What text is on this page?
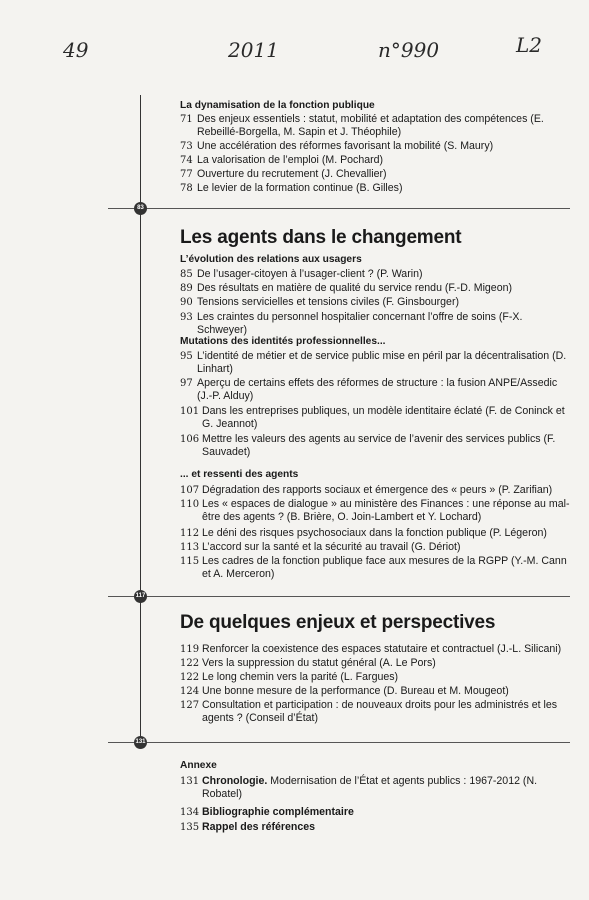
49	2011	n°990	L2
La dynamisation de la fonction publique
71 Des enjeux essentiels : statut, mobilité et adaptation des compétences (E. Rebeillé-Borgella, M. Sapin et J. Théophile)
73 Une accélération des réformes favorisant la mobilité (S. Maury)
74 La valorisation de l’emploi (M. Pochard)
77 Ouverture du recrutement (J. Chevallier)
78 Le levier de la formation continue (B. Gilles)
83
Les agents dans le changement
L’évolution des relations aux usagers
85 De l’usager-citoyen à l’usager-client ? (P. Warin)
89 Des résultats en matière de qualité du service rendu (F.-D. Migeon)
90 Tensions servicielles et tensions civiles (F. Ginsbourger)
93 Les craintes du personnel hospitalier concernant l’offre de soins (F-X. Schweyer)
Mutations des identités professionnelles...
95 L’identité de métier et de service public mise en péril par la décentralisation (D. Linhart)
97 Aperçu de certains effets des réformes de structure : la fusion ANPE/Assedic (J.-P. Alduy)
101 Dans les entreprises publiques, un modèle identitaire éclaté (F. de Coninck et G. Jeannot)
106 Mettre les valeurs des agents au service de l’avenir des services publics (F. Sauvadet)
... et ressenti des agents
107 Dégradation des rapports sociaux et émergence des « peurs » (P. Zarifian)
110 Les « espaces de dialogue » au ministère des Finances : une réponse au mal-être des agents ? (B. Brière, O. Join-Lambert et Y. Lochard)
112 Le déni des risques psychosociaux dans la fonction publique (P. Légeron)
113 L’accord sur la santé et la sécurité au travail (G. Dériot)
115 Les cadres de la fonction publique face aux mesures de la RGPP (Y.-M. Cann et A. Merceron)
117
De quelques enjeux et perspectives
119 Renforcer la coexistence des espaces statutaire et contractuel (J.-L. Silicani)
122 Vers la suppression du statut général (A. Le Pors)
122 Le long chemin vers la parité (L. Fargues)
124 Une bonne mesure de la performance (D. Bureau et M. Mougeot)
127 Consultation et participation : de nouveaux droits pour les administrés et les agents ? (Conseil d’État)
131
Annexe
131 Chronologie. Modernisation de l’État et agents publics : 1967-2012 (N. Robatel)
134 Bibliographie complémentaire
135 Rappel des références
